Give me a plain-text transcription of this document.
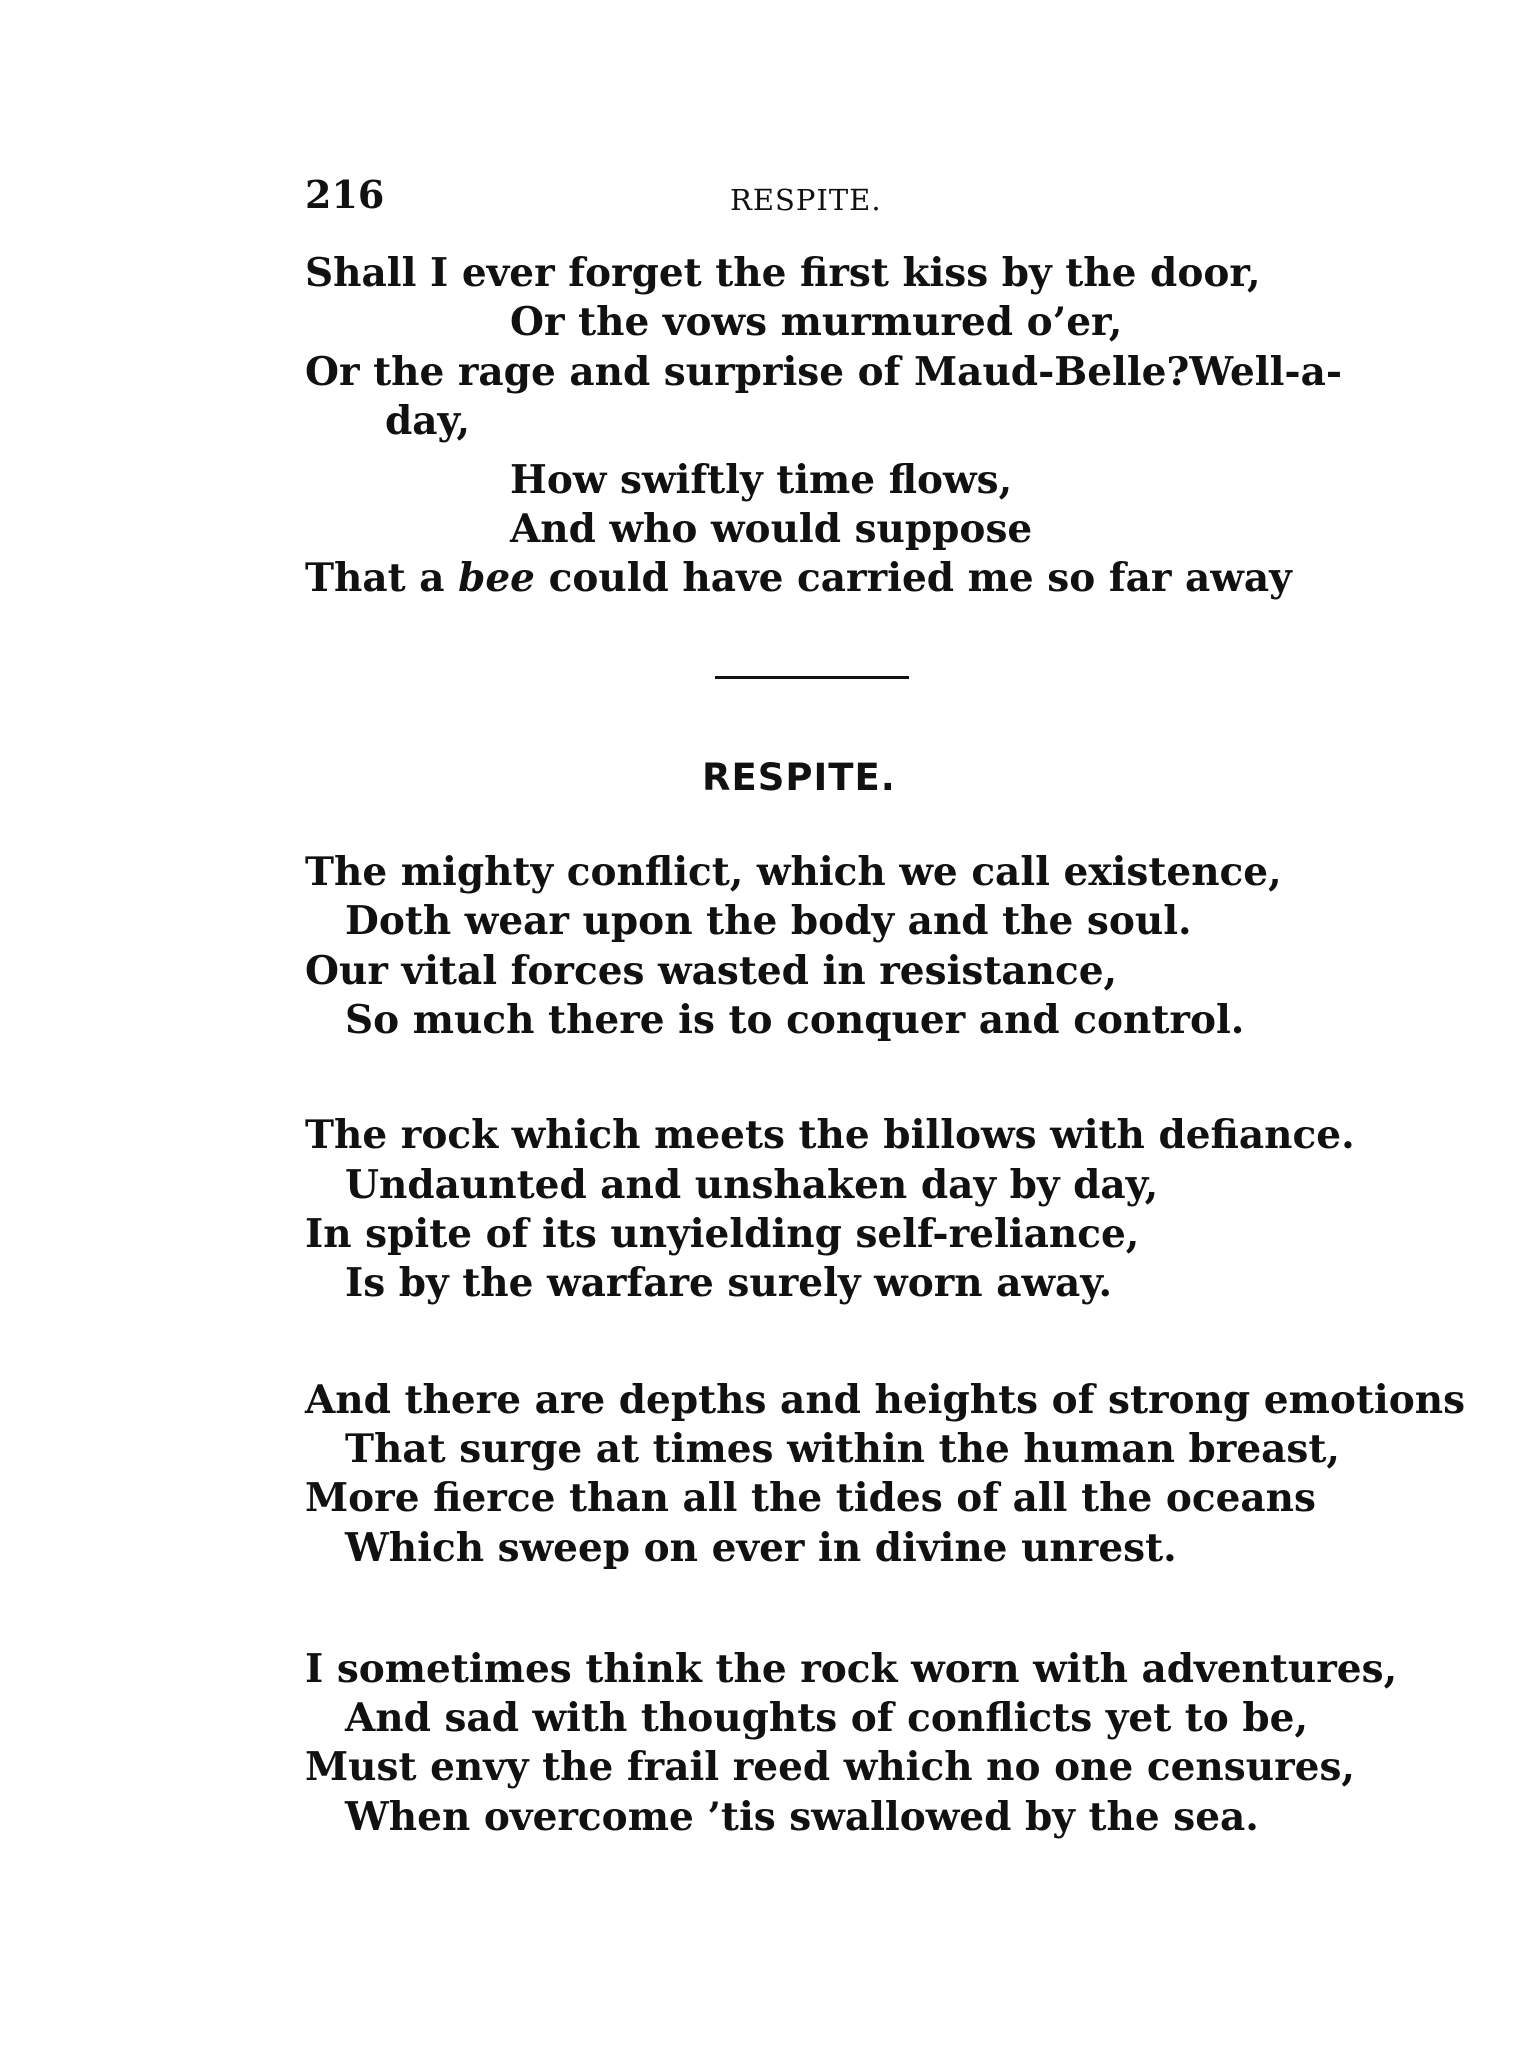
216	RESPITE.
Shall I ever forget the first kiss by the door,
Or the vows murmured o’er,
Or the rage and surprise of Maud-Belle? Well-a-
day,
How swiftly time flows,
And who would suppose
That a bee could have carried me so far away
RESPITE.
The mighty conflict, which we call existence,
Doth wear upon the body and the soul.
Our vital forces wasted in resistance,
So much there is to conquer and control.
The rock which meets the billows with defiance.
Undaunted and unshaken day by day,
In spite of its unyielding self-reliance,
Is by the warfare surely worn away.
And there are depths and heights of strong emotions
That surge at times within the human breast,
More fierce than all the tides of all the oceans
Which sweep on ever in divine unrest.
I sometimes think the rock worn with adventures,
And sad with thoughts of conflicts yet to be,
Must envy the frail reed which no one censures,
When overcome ’tis swallowed by the sea.
